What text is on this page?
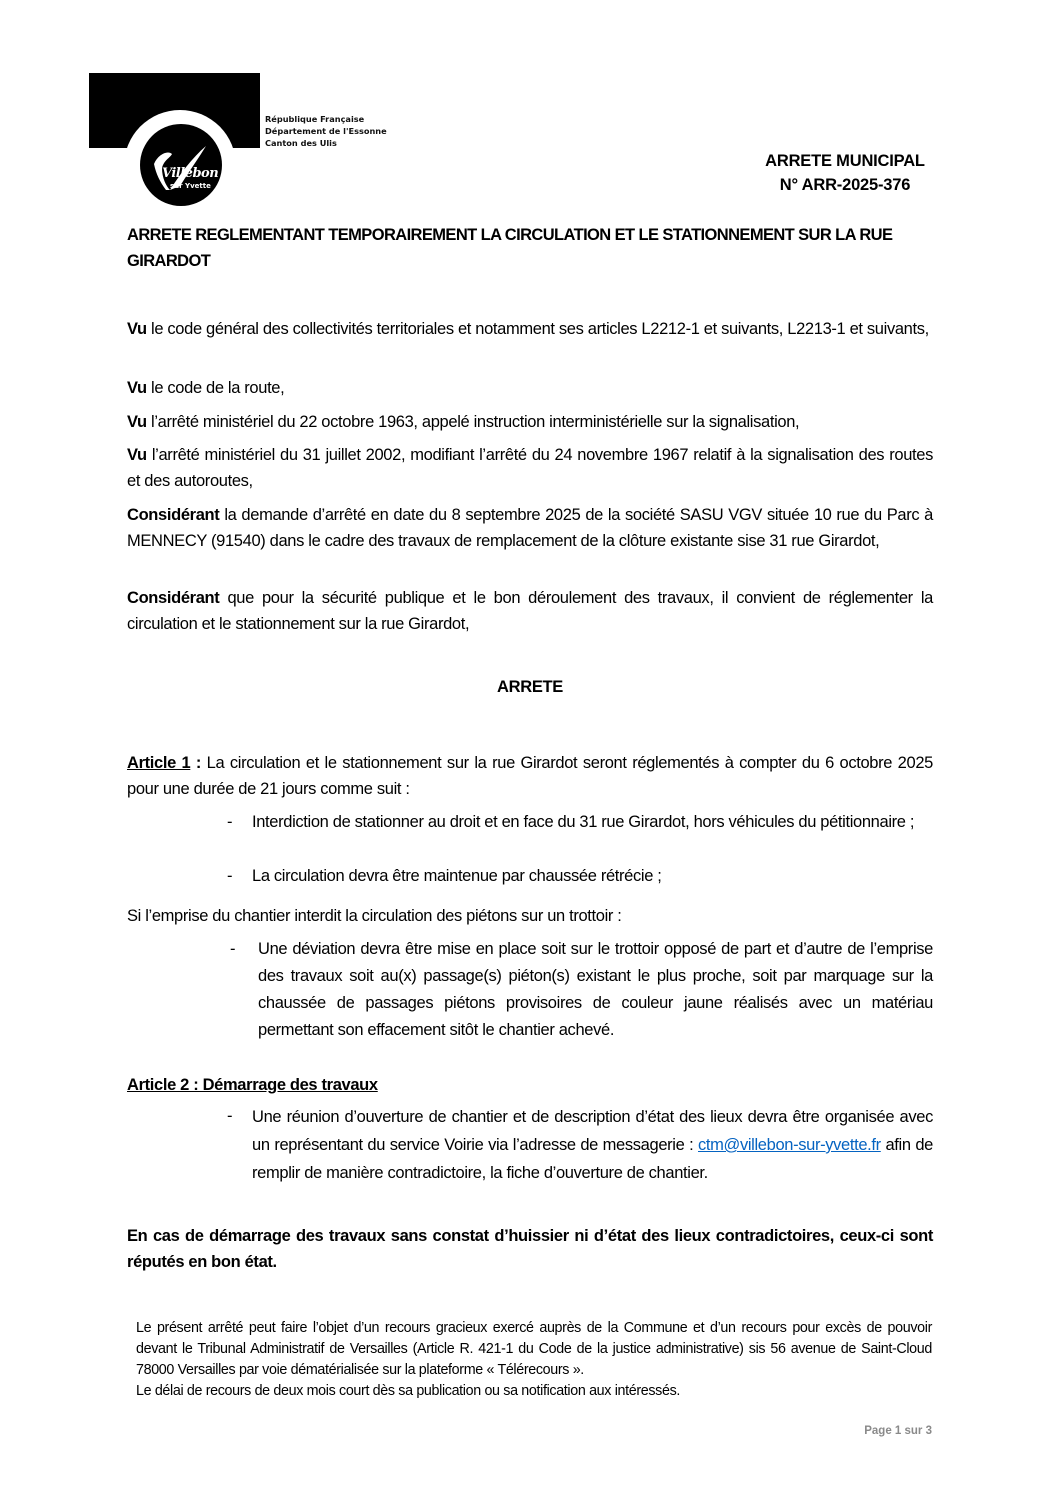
Villebon
sur Yvette
République Française
Département de l'Essonne
Canton des Ulis
ARRETE MUNICIPAL
N° ARR-2025-376
ARRETE REGLEMENTANT TEMPORAIREMENT LA CIRCULATION ET LE STATIONNEMENT SUR LA RUE GIRARDOT
Vu le code général des collectivités territoriales et notamment ses articles L2212-1 et suivants, L2213-1 et suivants,
Vu le code de la route,
Vu l’arrêté ministériel du 22 octobre 1963, appelé instruction interministérielle sur la signalisation,
Vu l’arrêté ministériel du 31 juillet 2002, modifiant l’arrêté du 24 novembre 1967 relatif à la signalisation des routes et des autoroutes,
Considérant la demande d’arrêté en date du 8 septembre 2025 de la société SASU VGV située 10 rue du Parc à MENNECY (91540) dans le cadre des travaux de remplacement de la clôture existante sise 31 rue Girardot,
Considérant que pour la sécurité publique et le bon déroulement des travaux, il convient de réglementer la circulation et le stationnement sur la rue Girardot,
ARRETE
Article 1 : La circulation et le stationnement sur la rue Girardot seront réglementés à compter du 6 octobre 2025 pour une durée de 21 jours comme suit :
- Interdiction de stationner au droit et en face du 31 rue Girardot, hors véhicules du pétitionnaire ;
- La circulation devra être maintenue par chaussée rétrécie ;
Si l’emprise du chantier interdit la circulation des piétons sur un trottoir :
- Une déviation devra être mise en place soit sur le trottoir opposé de part et d’autre de l’emprise des travaux soit au(x) passage(s) piéton(s) existant le plus proche, soit par marquage sur la chaussée de passages piétons provisoires de couleur jaune réalisés avec un matériau permettant son effacement sitôt le chantier achevé.
Article 2 : Démarrage des travaux
- Une réunion d’ouverture de chantier et de description d’état des lieux devra être organisée avec un représentant du service Voirie via l’adresse de messagerie : ctm@villebon-sur-yvette.fr afin de remplir de manière contradictoire, la fiche d’ouverture de chantier.
En cas de démarrage des travaux sans constat d’huissier ni d’état des lieux contradictoires, ceux-ci sont réputés en bon état.
Le présent arrêté peut faire l’objet d’un recours gracieux exercé auprès de la Commune et d’un recours pour excès de pouvoir devant le Tribunal Administratif de Versailles (Article R. 421-1 du Code de la justice administrative) sis 56 avenue de Saint-Cloud 78000 Versailles par voie dématérialisée sur la plateforme « Télérecours ».
Le délai de recours de deux mois court dès sa publication ou sa notification aux intéressés.
Page 1 sur 3
